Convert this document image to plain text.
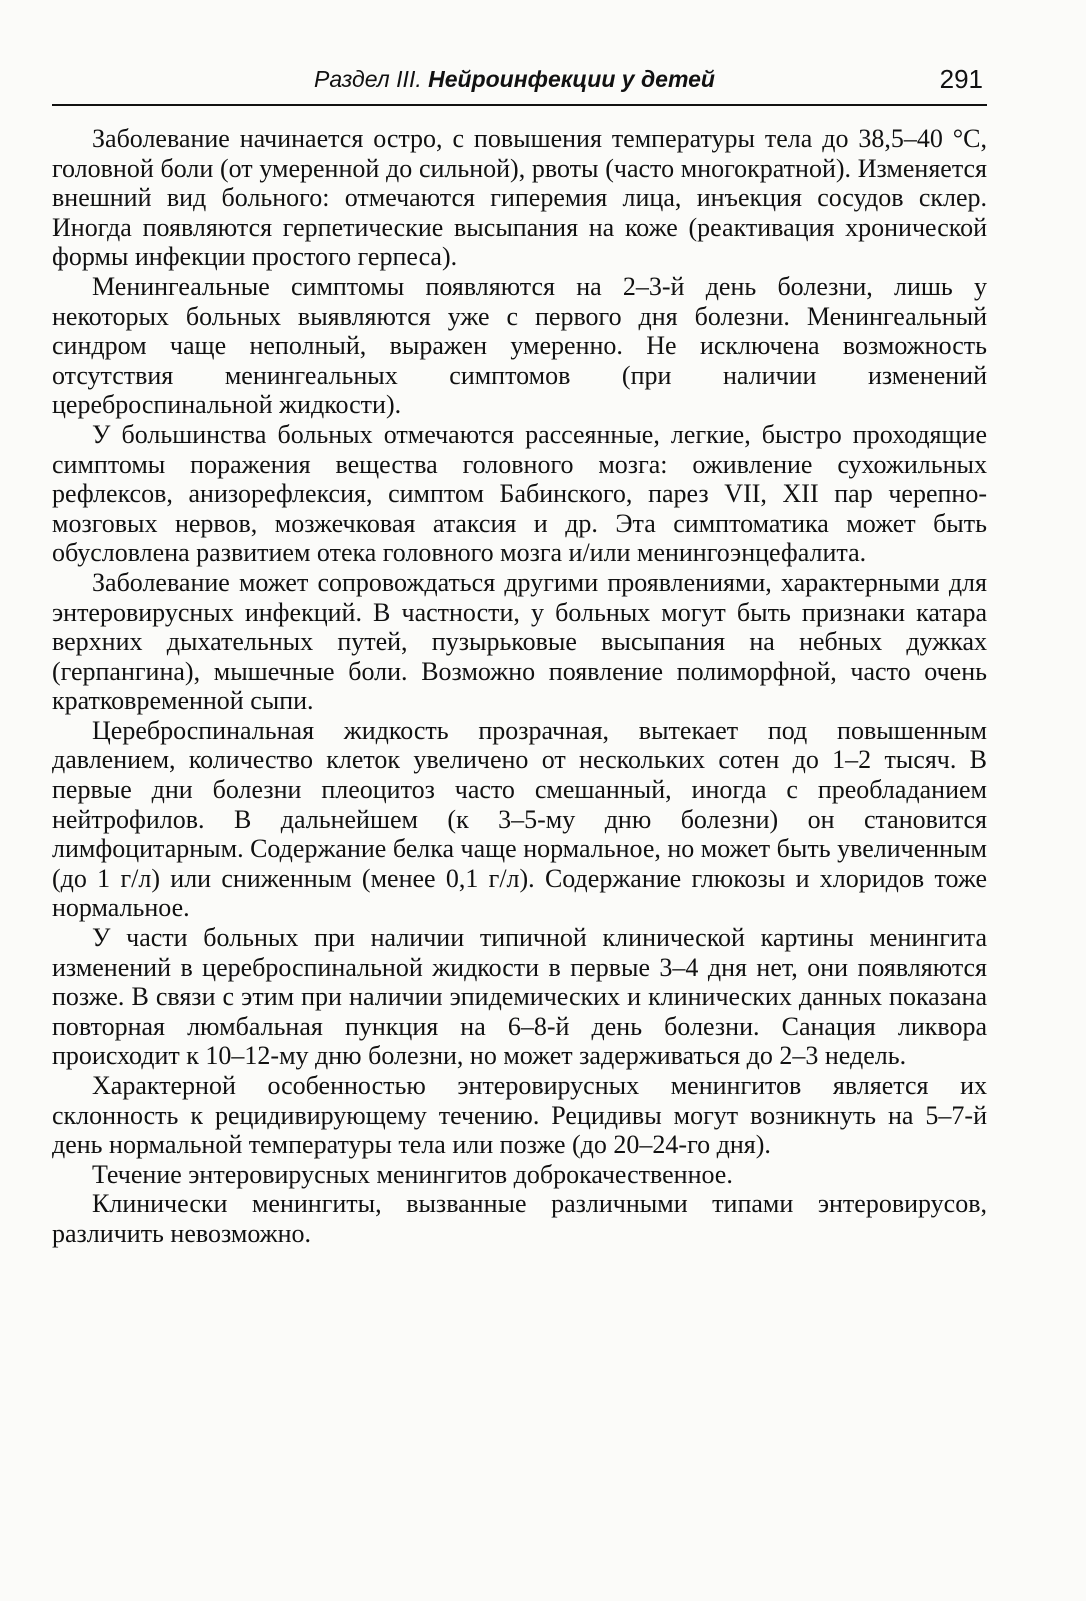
Раздел III. Нейроинфекции у детей	291

Заболевание начинается остро, с повышения температуры тела до 38,5–40 °С, головной боли (от умеренной до сильной), рвоты (часто многократной). Изменяется внешний вид больного: отмечаются гиперемия лица, инъекция сосудов склер. Иногда появляются герпетические высыпания на коже (реактивация хронической формы инфекции простого герпеса).

Менингеальные симптомы появляются на 2–3-й день болезни, лишь у некоторых больных выявляются уже с первого дня болезни. Менингеальный синдром чаще неполный, выражен умеренно. Не исключена возможность отсутствия менингеальных симптомов (при наличии изменений цереброспинальной жидкости).

У большинства больных отмечаются рассеянные, легкие, быстро проходящие симптомы поражения вещества головного мозга: оживление сухожильных рефлексов, анизорефлексия, симптом Бабинского, парез VII, XII пар черепно-мозговых нервов, мозжечковая атаксия и др. Эта симптоматика может быть обусловлена развитием отека головного мозга и/или менингоэнцефалита.

Заболевание может сопровождаться другими проявлениями, характерными для энтеровирусных инфекций. В частности, у больных могут быть признаки катара верхних дыхательных путей, пузырьковые высыпания на небных дужках (герпангина), мышечные боли. Возможно появление полиморфной, часто очень кратковременной сыпи.

Цереброспинальная жидкость прозрачная, вытекает под повышенным давлением, количество клеток увеличено от нескольких сотен до 1–2 тысяч. В первые дни болезни плеоцитоз часто смешанный, иногда с преобладанием нейтрофилов. В дальнейшем (к 3–5-му дню болезни) он становится лимфоцитарным. Содержание белка чаще нормальное, но может быть увеличенным (до 1 г/л) или сниженным (менее 0,1 г/л). Содержание глюкозы и хлоридов тоже нормальное.

У части больных при наличии типичной клинической картины менингита изменений в цереброспинальной жидкости в первые 3–4 дня нет, они появляются позже. В связи с этим при наличии эпидемических и клинических данных показана повторная люмбальная пункция на 6–8-й день болезни. Санация ликвора происходит к 10–12-му дню болезни, но может задерживаться до 2–3 недель.

Характерной особенностью энтеровирусных менингитов является их склонность к рецидивирующему течению. Рецидивы могут возникнуть на 5–7-й день нормальной температуры тела или позже (до 20–24-го дня).

Течение энтеровирусных менингитов доброкачественное.

Клинически менингиты, вызванные различными типами энтеровирусов, различить невозможно.
